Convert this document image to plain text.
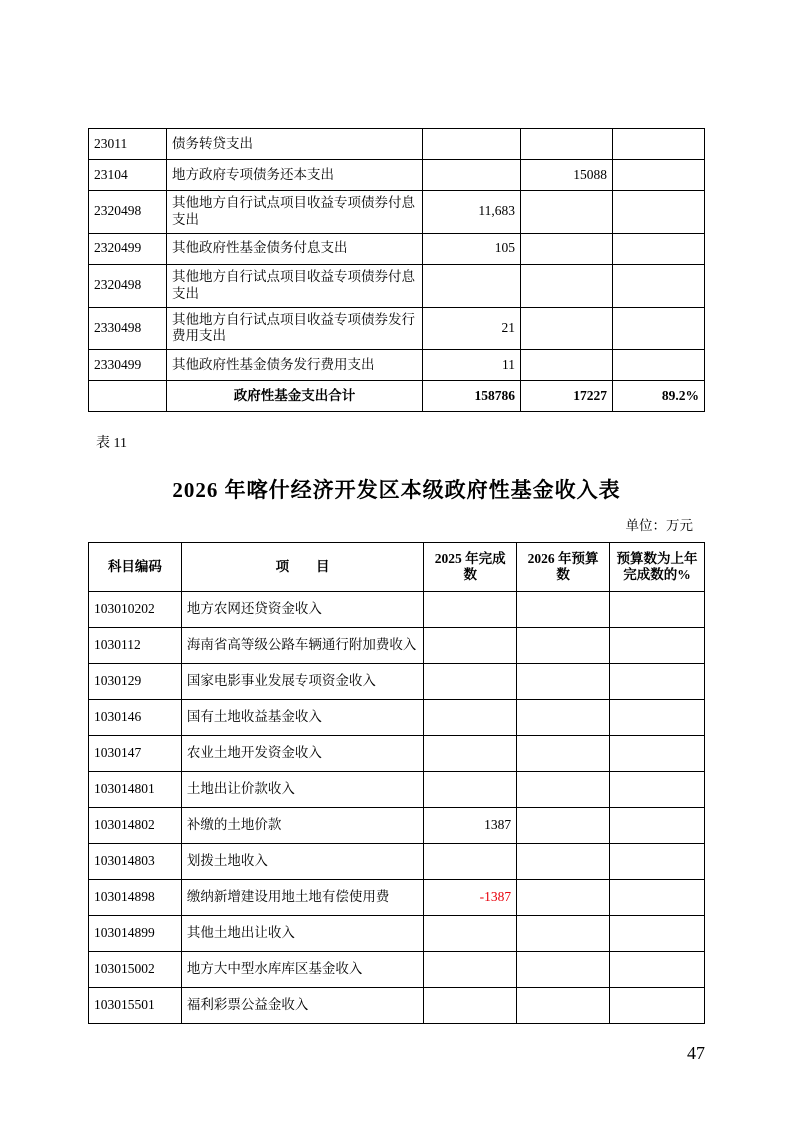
23011	债务转贷支出			
23104	地方政府专项债务还本支出		15088	
2320498	其他地方自行试点项目收益专项债券付息支出	11,683		
2320499	其他政府性基金债务付息支出	105		
2320498	其他地方自行试点项目收益专项债券付息支出			
2330498	其他地方自行试点项目收益专项债券发行费用支出	21		
2330499	其他政府性基金债务发行费用支出	11		
	政府性基金支出合计	158786	17227	89.2%
表 11
2026 年喀什经济开发区本级政府性基金收入表
单位：万元
科目编码	项　　目	2025 年完成数	2026 年预算数	预算数为上年完成数的%
103010202	地方农网还贷资金收入			
1030112	海南省高等级公路车辆通行附加费收入			
1030129	国家电影事业发展专项资金收入			
1030146	国有土地收益基金收入			
1030147	农业土地开发资金收入			
103014801	土地出让价款收入			
103014802	补缴的土地价款	1387		
103014803	划拨土地收入			
103014898	缴纳新增建设用地土地有偿使用费	-1387		
103014899	其他土地出让收入			
103015002	地方大中型水库库区基金收入			
103015501	福利彩票公益金收入			
47
